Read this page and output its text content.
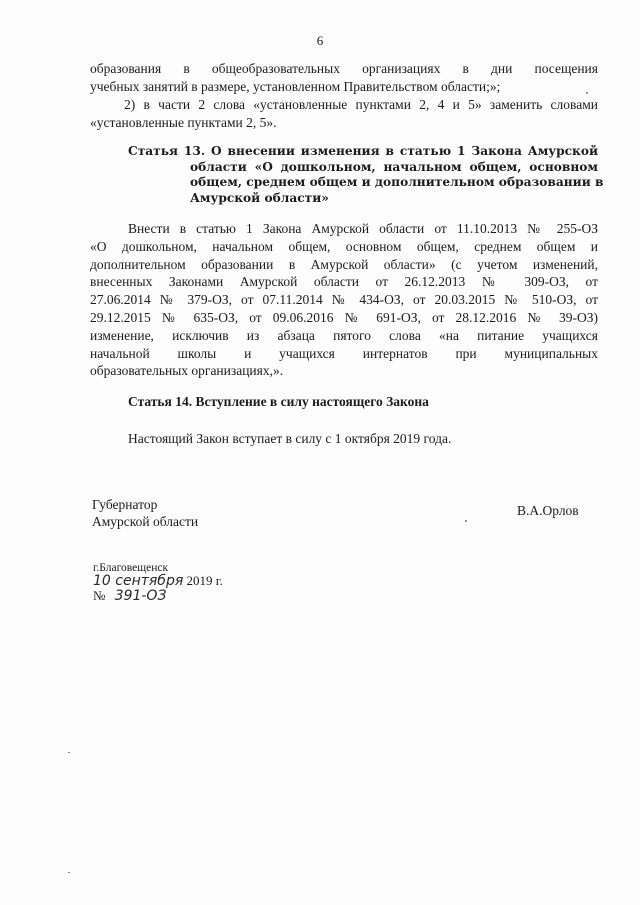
6
образования в общеобразовательных организациях в дни посещения
учебных занятий в размере, установленном Правительством области;»;
2) в части 2 слова «установленные пунктами 2, 4 и 5» заменить словами
«установленные пунктами 2, 5».
Статья 13. О внесении изменения в статью 1 Закона Амурской
области «О дошкольном, начальном общем, основном
общем, среднем общем и дополнительном образовании в
Амурской области»
Внести в статью 1 Закона Амурской области от 11.10.2013 № 255-ОЗ
«О дошкольном, начальном общем, основном общем, среднем общем и
дополнительном образовании в Амурской области» (с учетом изменений,
внесенных Законами Амурской области от 26.12.2013 № 309-ОЗ, от
27.06.2014 № 379-ОЗ, от 07.11.2014 № 434-ОЗ, от 20.03.2015 № 510-ОЗ, от
29.12.2015 № 635-ОЗ, от 09.06.2016 № 691-ОЗ, от 28.12.2016 № 39-ОЗ)
изменение, исключив из абзаца пятого слова «на питание учащихся
начальной школы и учащихся интернатов при муниципальных
образовательных организациях,».
Статья 14. Вступление в силу настоящего Закона
Настоящий Закон вступает в силу с 1 октября 2019 года.
Губернатор
Амурской области
В.А.Орлов
г.Благовещенск
10 сентября 2019 г.
№ 391-ОЗ
